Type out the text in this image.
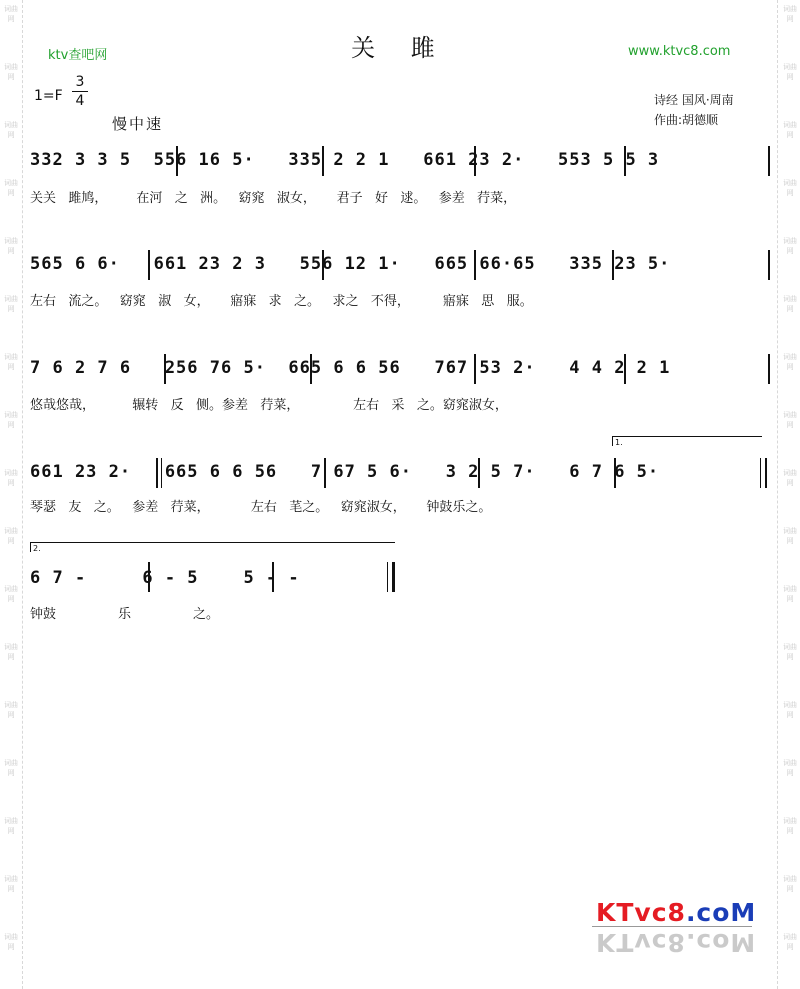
词曲网
词曲网
词曲网
词曲网
词曲网
词曲网
词曲网
词曲网
词曲网
词曲网
词曲网
词曲网
词曲网
词曲网
词曲网
词曲网
词曲网
词曲网
词曲网
词曲网
词曲网
词曲网
词曲网
词曲网
词曲网
词曲网
词曲网
词曲网
词曲网
词曲网
词曲网
词曲网
词曲网
词曲网
关 雎
ktv查吧网	www.ktvc8.com
1=F
3
4
慢中速
诗经 国风·周南
作曲:胡德顺
332 3 3 5  556 16 5·   335 2 2 1   661 23 2·   553 5 5 3
关关   雎鸠，       在河   之   洲。   窈窕   淑女，     君子   好   逑。   参差   荇菜，
565 6 6·   661 23 2 3   556 12 1·   665 66·65   335 23 5·
左右   流之。   窈窕   淑   女，     寤寐   求   之。   求之   不得，        寤寐   思   服。
7 6 2 7 6   256 76 5·  665 6 6 56   767 53 2·   4 4 2 2 1
悠哉悠哉，         辗转   反   侧。参差   荇菜，             左右   采   之。窈窕淑女，
661 23 2·   665 6 6 56   7 67 5 6·   3 2 5 7·   6 7 6 5·
琴瑟   友   之。   参差   荇菜，          左右   芼之。   窈窕淑女，     钟鼓乐之。
6 7 -     6 - 5    5 - -
钟鼓               乐               之。
1.
2.
KTvc8.coM
KTvc8.coM
